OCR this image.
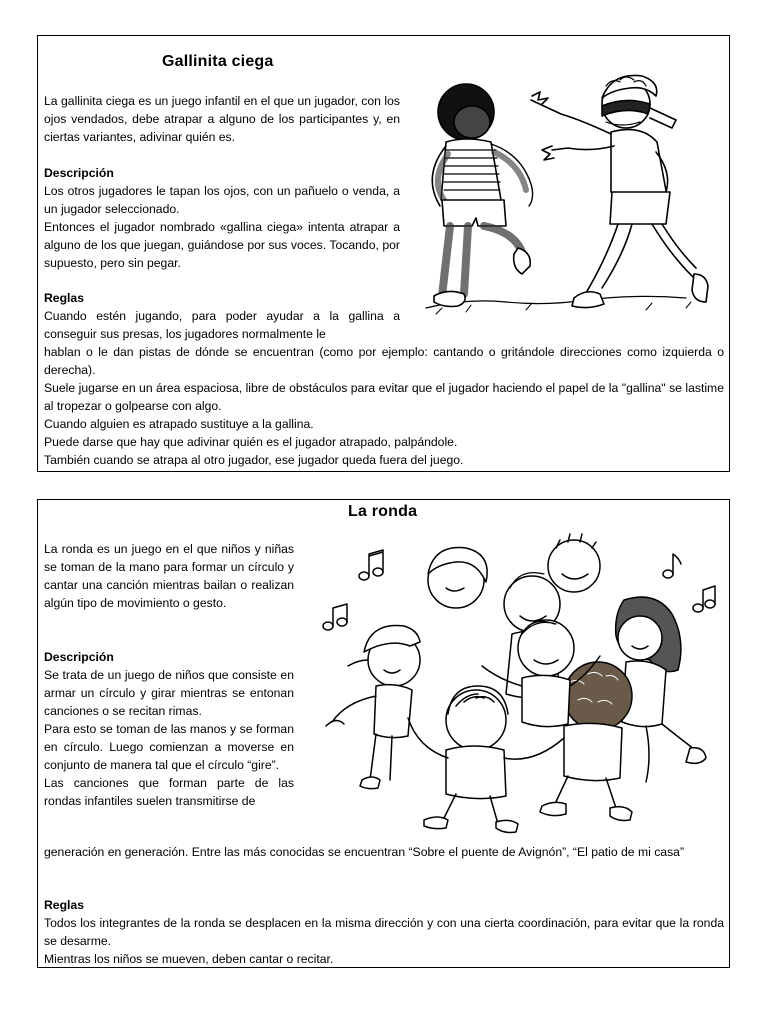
Gallinita ciega

La gallinita ciega es un juego infantil en el que un jugador, con los ojos vendados, debe atrapar a alguno de los participantes y, en ciertas variantes, adivinar quién es.

Descripción

Los otros jugadores le tapan los ojos, con un pañuelo o venda, a un jugador seleccionado.

Entonces el jugador nombrado «gallina ciega» intenta atrapar a alguno de los que juegan, guiándose por sus voces. Tocando, por supuesto, pero sin pegar.

Reglas

Cuando estén jugando, para poder ayudar a la gallina a conseguir sus presas, los jugadores normalmente le

hablan o le dan pistas de dónde se encuentran (como por ejemplo: cantando o gritándole direcciones como izquierda o derecha).

Suele jugarse en un área espaciosa, libre de obstáculos para evitar que el jugador haciendo el papel de la "gallina" se lastime al tropezar o golpearse con algo.

Cuando alguien es atrapado sustituye a la gallina.

Puede darse que hay que adivinar quién es el jugador atrapado, palpándole.

También cuando se atrapa al otro jugador, ese jugador queda fuera del juego.

La ronda

La ronda es un juego en el que niños y niñas se toman de la mano para formar un círculo y cantar una canción mientras bailan o realizan algún tipo de movimiento o gesto.

Descripción

Se trata de un juego de niños que consiste en armar un círculo y girar mientras se entonan canciones o se recitan rimas.

Para esto se toman de las manos y se forman en círculo. Luego comienzan a moverse en conjunto de manera tal que el círculo “gire”.

Las canciones que forman parte de las rondas infantiles suelen transmitirse de

generación en generación. Entre las más conocidas se encuentran “Sobre el puente de Avignón”, “El patio de mi casa”

Reglas

Todos los integrantes de la ronda se desplacen en la misma dirección y con una cierta coordinación, para evitar que la ronda se desarme.

Mientras los niños se mueven, deben cantar o recitar.
